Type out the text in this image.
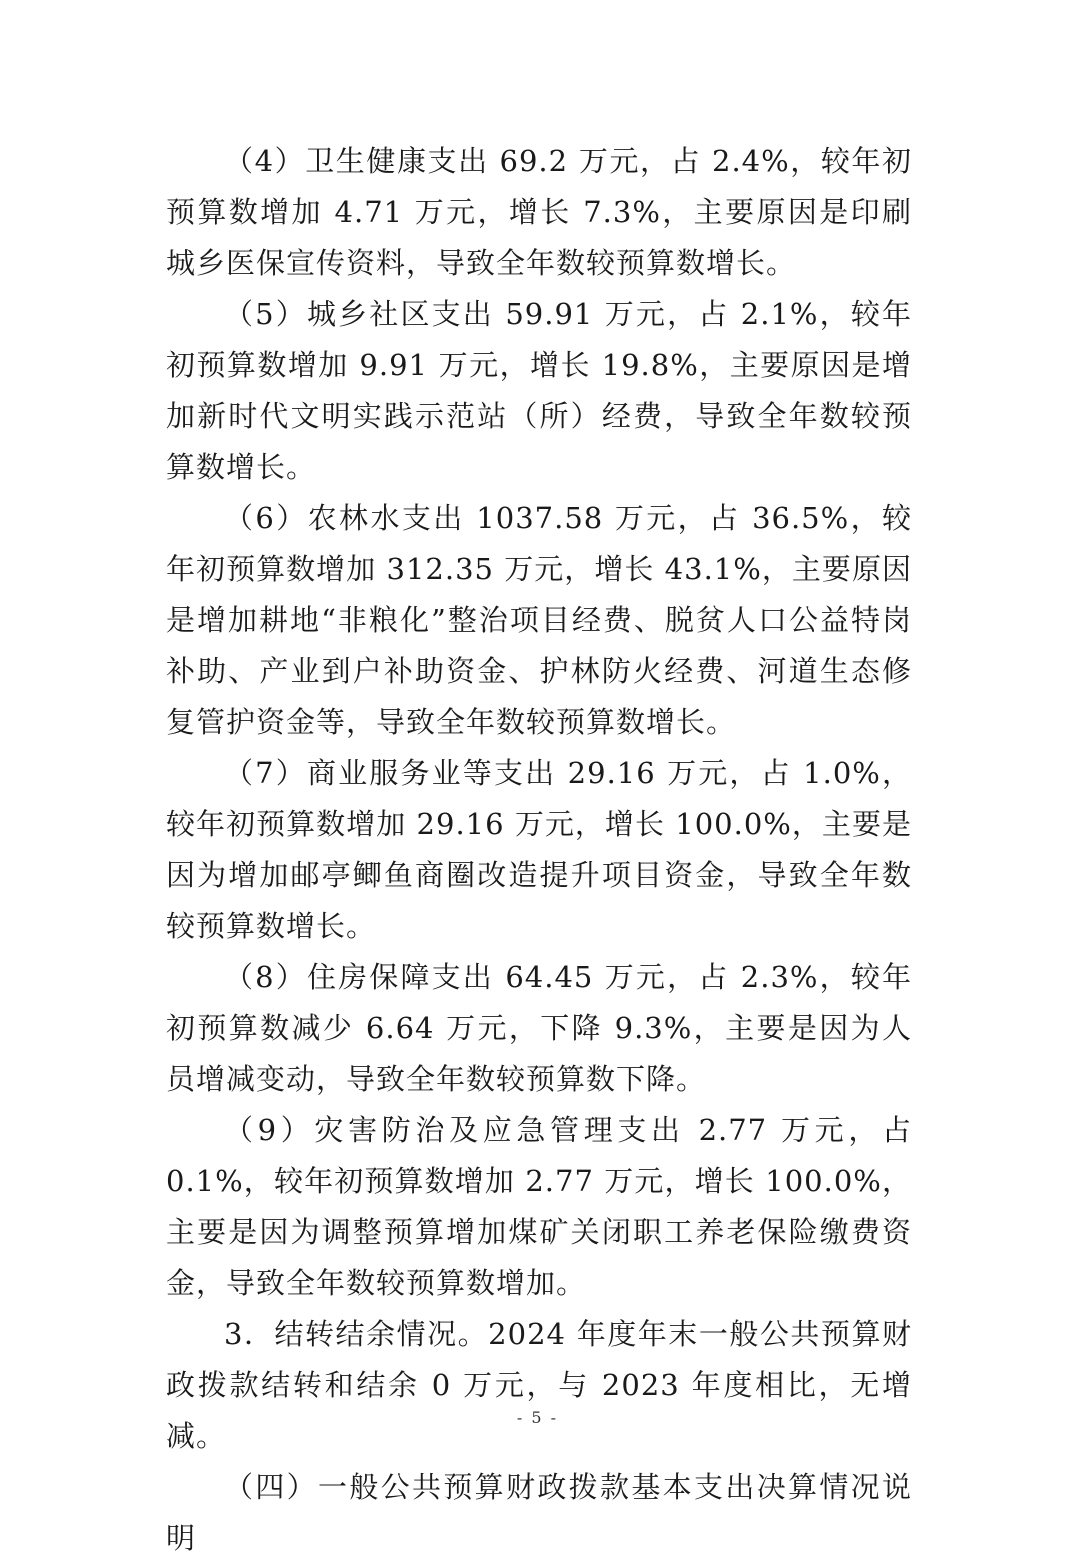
（4）卫生健康支出 69.2 万元，占 2.4%，较年初预算数增加 4.71 万元，增长 7.3%，主要原因是印刷城乡医保宣传资料，导致全年数较预算数增长。

（5）城乡社区支出 59.91 万元，占 2.1%，较年初预算数增加 9.91 万元，增长 19.8%，主要原因是增加新时代文明实践示范站（所）经费，导致全年数较预算数增长。

（6）农林水支出 1037.58 万元，占 36.5%，较年初预算数增加 312.35 万元，增长 43.1%，主要原因是增加耕地“非粮化”整治项目经费、脱贫人口公益特岗补助、产业到户补助资金、护林防火经费、河道生态修复管护资金等，导致全年数较预算数增长。

（7）商业服务业等支出 29.16 万元，占 1.0%，较年初预算数增加 29.16 万元，增长 100.0%，主要是因为增加邮亭鲫鱼商圈改造提升项目资金，导致全年数较预算数增长。

（8）住房保障支出 64.45 万元，占 2.3%，较年初预算数减少 6.64 万元，下降 9.3%，主要是因为人员增减变动，导致全年数较预算数下降。

（9）灾害防治及应急管理支出 2.77 万元，占 0.1%，较年初预算数增加 2.77 万元，增长 100.0%，主要是因为调整预算增加煤矿关闭职工养老保险缴费资金，导致全年数较预算数增加。

3．结转结余情况。2024 年度年末一般公共预算财政拨款结转和结余 0 万元，与 2023 年度相比，无增减。

（四）一般公共预算财政拨款基本支出决算情况说明

- 5 -
